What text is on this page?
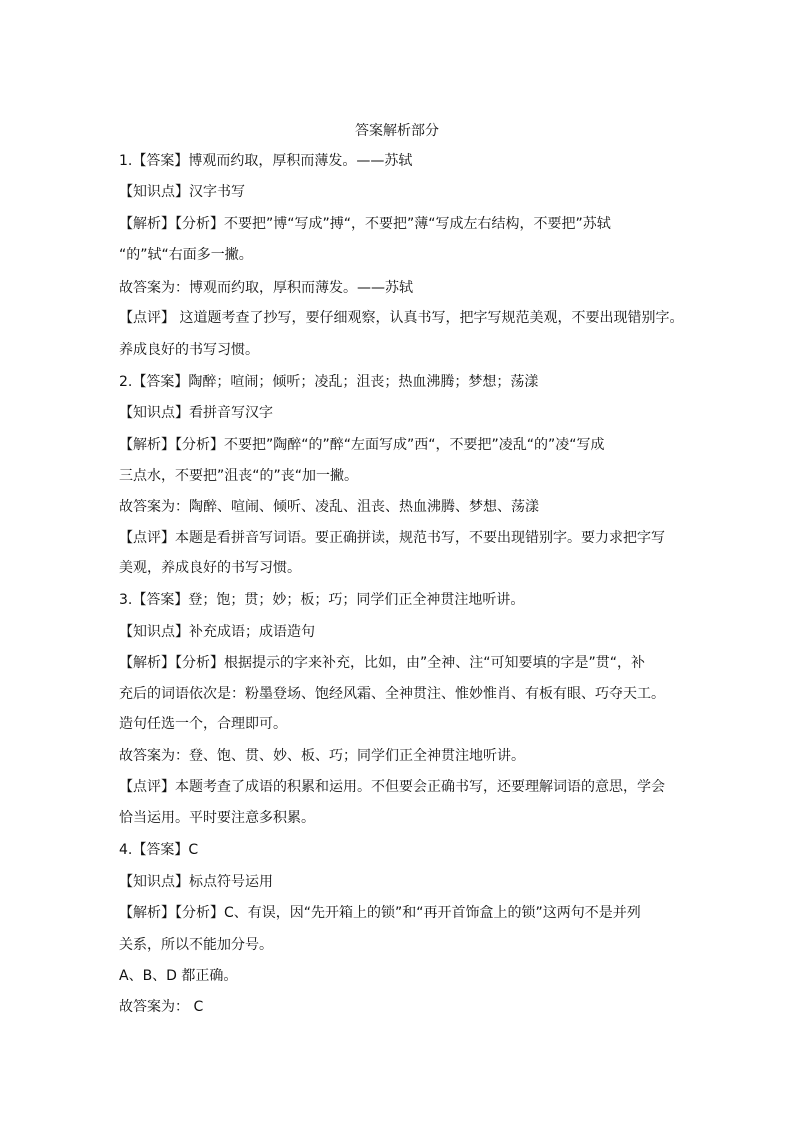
答案解析部分
1.【答案】博观而约取，厚积而薄发。——苏轼
【知识点】汉字书写
【解析】【分析】不要把”博“写成”搏“，不要把”薄“写成左右结构，不要把”苏轼
“的”轼“右面多一撇。
故答案为：博观而约取，厚积而薄发。——苏轼
【点评】 这道题考查了抄写，要仔细观察，认真书写，把字写规范美观，不要出现错别字。
养成良好的书写习惯。
2.【答案】陶醉；喧闹；倾听；凌乱；沮丧；热血沸腾；梦想；荡漾
【知识点】看拼音写汉字
【解析】【分析】不要把”陶醉“的”醉“左面写成”西“，不要把”凌乱“的”凌“写成
三点水，不要把”沮丧“的”丧“加一撇。
故答案为：陶醉、喧闹、倾听、凌乱、沮丧、热血沸腾、梦想、荡漾
【点评】本题是看拼音写词语。要正确拼读，规范书写，不要出现错别字。要力求把字写
美观，养成良好的书写习惯。
3.【答案】登；饱；贯；妙；板；巧；同学们正全神贯注地听讲。
【知识点】补充成语；成语造句
【解析】【分析】根据提示的字来补充，比如，由”全神、注“可知要填的字是”贯“，补
充后的词语依次是：粉墨登场、饱经风霜、全神贯注、惟妙惟肖、有板有眼、巧夺天工。
造句任选一个，合理即可。
故答案为：登、饱、贯、妙、板、巧；同学们正全神贯注地听讲。
【点评】本题考查了成语的积累和运用。不但要会正确书写，还要理解词语的意思，学会
恰当运用。平时要注意多积累。
4.【答案】C
【知识点】标点符号运用
【解析】【分析】C、有误，因“先开箱上的锁”和“再开首饰盒上的锁”这两句不是并列
关系，所以不能加分号。
A、B、D 都正确。
故答案为： C
